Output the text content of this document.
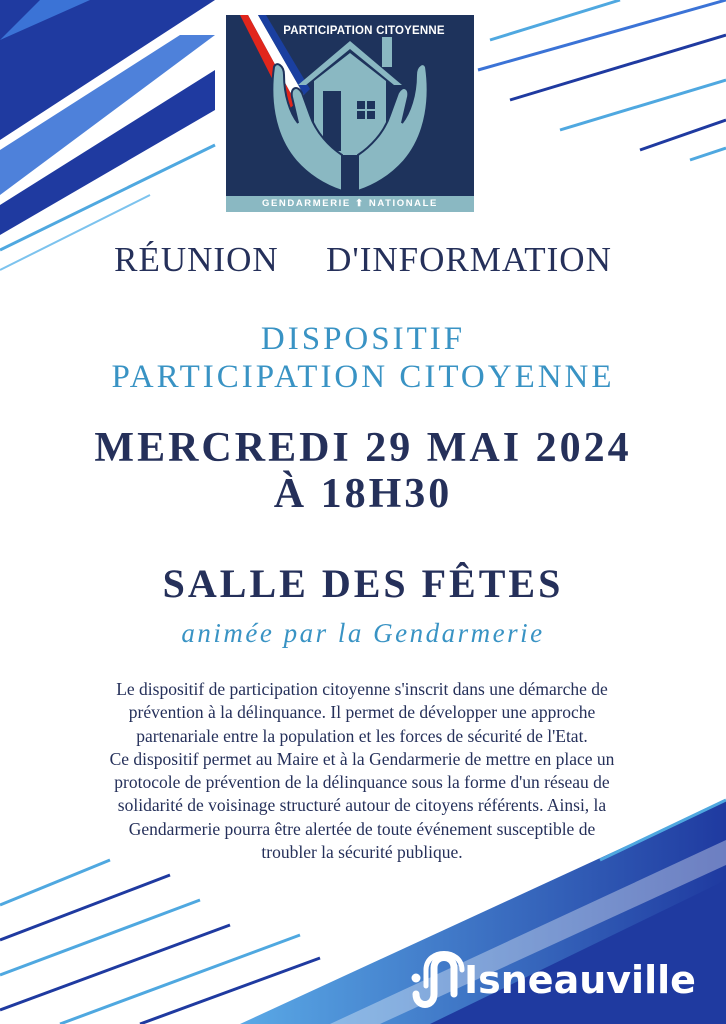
PARTICIPATION CITOYENNE
GENDARMERIE ⬆ NATIONALE
RÉUNION  D'INFORMATION
DISPOSITIF
PARTICIPATION CITOYENNE
MERCREDI 29 MAI 2024
À 18H30
SALLE DES FÊTES
animée par la Gendarmerie
Le dispositif de participation citoyenne s'inscrit dans une démarche de
prévention à la délinquance. Il permet de développer une approche
partenariale entre la population et les forces de sécurité de l'Etat.
Ce dispositif permet au Maire et à la Gendarmerie de mettre en place un
protocole de prévention de la délinquance sous la forme d'un réseau de
solidarité de voisinage structuré autour de citoyens référents. Ainsi, la
Gendarmerie pourra être alertée de toute événement susceptible de
troubler la sécurité publique.
Isneauville
